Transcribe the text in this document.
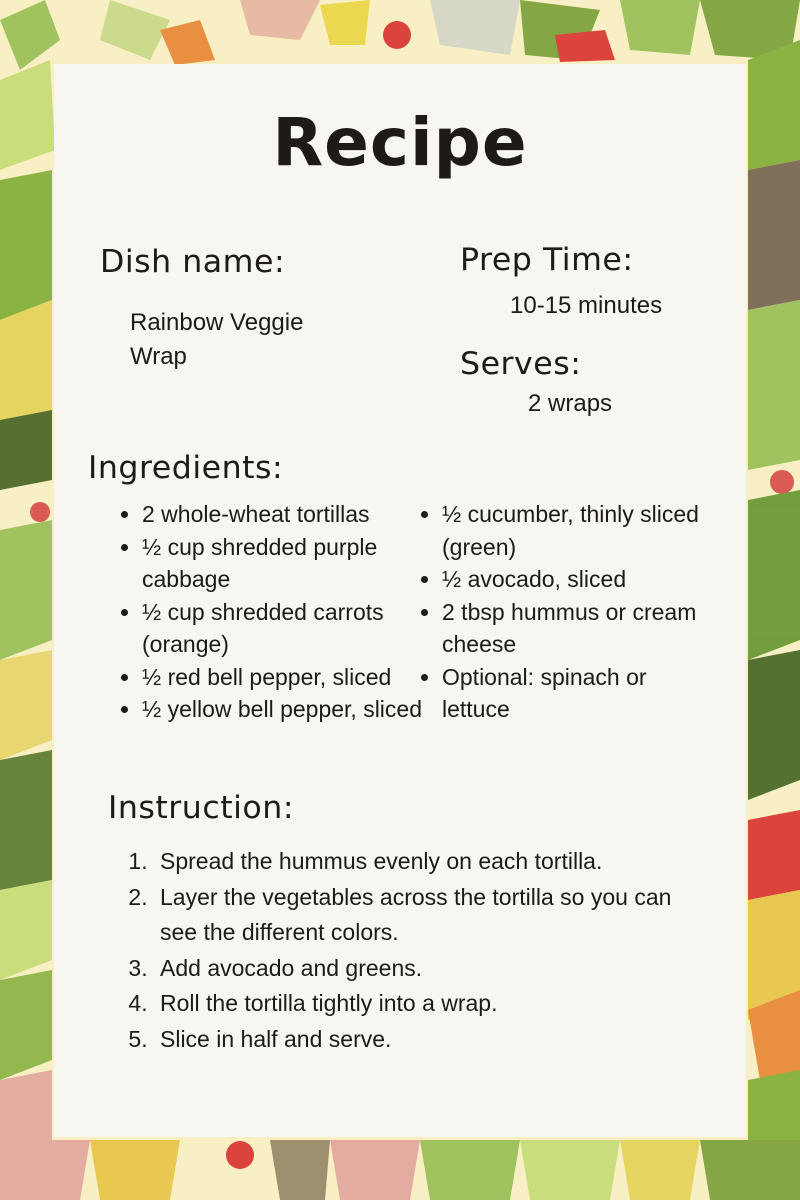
Recipe
Dish name:
Rainbow Veggie Wrap
Prep Time:
10-15 minutes
Serves:
2 wraps
Ingredients:
• 2 whole-wheat tortillas
• ½ cup shredded purple cabbage
• ½ cup shredded carrots (orange)
• ½ red bell pepper, sliced
• ½ yellow bell pepper, sliced
• ½ cucumber, thinly sliced (green)
• ½ avocado, sliced
• 2 tbsp hummus or cream cheese
• Optional: spinach or lettuce
Instruction:
1. Spread the hummus evenly on each tortilla.
2. Layer the vegetables across the tortilla so you can see the different colors.
3. Add avocado and greens.
4. Roll the tortilla tightly into a wrap.
5. Slice in half and serve.
